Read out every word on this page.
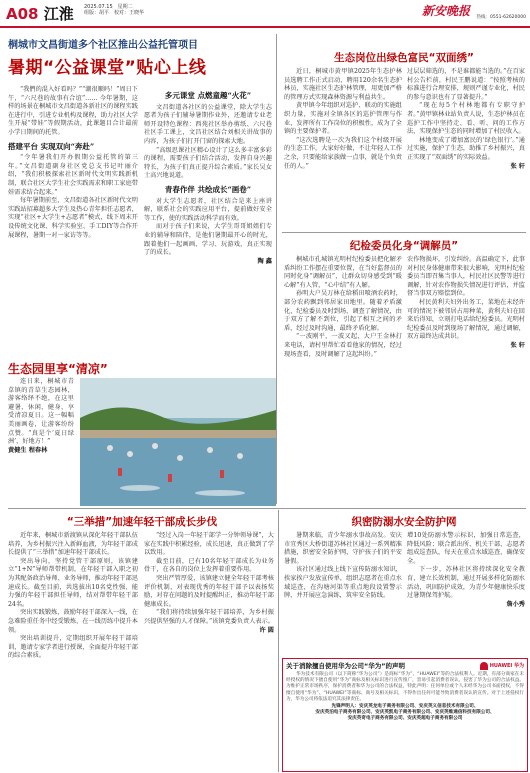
A08 江淮 2025.07.15　星期二
组版：胡平　校对：王晓华	新安晚报 热线：0551-62620000
桐城市文昌街道多个社区推出公益托管项目
暑期“公益课堂”贴心上线
“我們的混入好看吗？”“潮很顺吗！”周日下午，“六尺巷的故事有合谊”…… 今年暑期，这样的场景在桐城市文昌街道各新社区的课程实践在进行中，引进专业机构及课程，助力社区大学生开展“带娃”等假期活动，此课题目合计最前小学日期间的托管。
搭建平台 实现双向“奔赴”
“令年暑我们开办假期公益托管的第三年。”文昌街道副身社区党总支书记叶丽介绍，“我们积极探索社区新时代文明实践新机制，联合社区大学生社会实践需求和职工家庭带娃需求结合起来。”
每年暑期前至，文昌街道各社区新时代文明实践站招募超多大学生及热心青年担任志愿者，实现“社区+大学生+志愿者”模式，线下周末开设传统文化课、科学实验室、手工DIY等合作开展课程，暑期一对一家访等等。
多元课堂 点燃童趣“火花”
文昌街道各社区的公益课堂，除大学生志愿者为孩子们辅导暑期作业外，还邀请专业老师开设特色课程：西苑社区举办剪纸、六尺巷社区手工课上，文昌社区结合刘相关讲故事的内容，为孩子们打开门窗的探索大地。
“高级思课社区精心设计了这么多丰富多彩的课程，需要孩子们结合活动，发挥自身兴趣特长，为孩子们真正提升综合素质。”家长吴女士高兴地说道。
青春作伴 共绘成长“画卷”
对大学生志愿者，社区结合是来上座讲解，联系社会的实践应用平台，提前做好安全等工作，使的实践活动科学而有效。
而对于孩子们来说，大学生哥哥姐姐们专业的辅导和陪伴，是他们暑期最开心的时光，跟着他们一起画画、学习、玩游戏，真正实现了的成长。
陶 鑫
生态岗位出绿色富民“双面绣”
近日，桐城市黄甲镇2025年生态护林员选聘工作正式启动，聘用120余名生态护林员，实施社区生态护林管理，用更加严格的管理方式实现森林资源与利益共生。
黄甲镇今年组织对巡护、联动的实施组织力量，实施对全镇各区的巡护管理与作业，发挥所有工作岗位的积极性，成为了全镇的主要保护者。
“这次选聘是一次为我们这个村级开展的生态工作，大家好好做，不让年轻人工作之余，只要能给家族做一点事，就是个负责任的人。”
过层层筛选的，不是谁都能当选的。”在百家村公告栏前，村民王鹏说道：“按照考核的标准进行合理安排，规则严谨专业化，村民的参与意识也有了显著提升。”
“现在每5个村林地都有专职守护者。”黄甲镇林业站负责人说，生态护林员在巡护工作中坚持走、看、听、问的工作方法，实现保护生态的同时增加了村民收入。
林地变成了增加富民的‘绿色银行’。”通过实施，保护了生态，助推了乡村振兴，真正实现了“双面绣”的实际效益。
张 轩
纪检委员化身“调解员”
桐城市孔城镇光明村纪检委员把化解矛盾纠纷工作摆在重要位置，在当好监督员的同时化身“调解员”，让群众切身感受到“暖心解”有人管，“心中结”有人解。
孙明大户吴万林在给稻田喷酒农药时，部分农药飘到邻居家田地里。随着矛盾激化，纪检委员及时到场，调查了解情况，由于双方了解不到位，引起了相互之间的矛盾，经过及时沟通，最终矛盾化解。
“一波刚平，一波又起，大户王金林打来电话，请村里帮忙看看他家的情况，经过现场查看，及时调解了这起纠纷。”
农作物损坏，引发纠纷。高温确定下，此事对村民身体健康带来很大影响，光明村纪检委员当即召集当事人，村民社区民警等进行调解，针对农作物损失情况进行评估，并监督当事双方赔偿到位。
村民黄利夫妇外出务工，菜地在未经许可的情况下被邻居占用种菜，黄利夫妇在回来后得知，立刻打电话给纪检委员。光明村纪检委员及时到现场了解情况，通过调解，双方最终达成共识。
张 轩
生态园里享“清凉”
连日来，桐城市青草镇的青草生态园林，游客络绎不绝，在这里避暑、休闲、健身，享受清凉夏日。这一幅幅美丽画卷，让游客纷纷点赞。“真是个‘夏日绿洲’，好地方！”
黄健生 程春林
“三举措”加速年轻干部成长步伐
近年来，桐城市新渡镇从深化年轻干部队伍培养，为乡村振兴注入新鲜血液，为年轻干部成长提供了“三举措”加速年轻干部成长。
突出导向，坚持党管干部原则，该镇建立“1+N”导师帮带机制，在年轻干部入职之初为其配备政治导师、业务导师，推动年轻干部迅速成长。截至目前，共选拔出10名党性强、能力强的年轻干部担任导师，结对帮带年轻干部24名。
突出实践锻炼，鼓励年轻干部深入一线，在急难险重任务中经受锻炼，在一线历练中提升本领。
突出培训提升，定期组织开展年轻干部培训，邀请专家学者进行授课，全面提升年轻干部的综合素质。
“经过入岗一年轻干部学一分钟领导课”，大家在实践中积累经验，成长迅速，真正做到了学以致用。
截至目前，已有10名年轻干部成长为业务骨干，在各自的岗位上发挥着重要作用。
突出严管厚爱，该镇建立健全年轻干部考核评价机制，对表现优秀的年轻干部予以表扬奖励，对存在问题的及时提醒纠正，推动年轻干部健康成长。
“我们将持续加强年轻干部培养，为乡村振兴提供坚强的人才保障。”该镇党委负责人表示。
许 圆
织密防溺水安全防护网
暑期来临，青少年溺水事故高发。安庆市宜秀区大桥街道苏林社区通过一系列精准措施，织密安全防护网，守护孩子们的平安暑假。
该社区通过线上线下宣传防溺水知识，挨家挨户发放宣传单，组织志愿者在重点水域巡查，在沟塘河渠等重点地段设置警示牌，并开展应急演练，筑牢安全防线。
增10处防溺水警示标识，加强日常巡查，降低风险；联合派出所、机关干部、志愿者组成巡查队，每天在重点水域巡查，确保安全。
下一步，苏林社区将持续深化安全教育，建立长效机制，通过开展多样化防溺水活动，巩固防护成效，为青少年健康快乐度过暑期保驾护航。
詹小秀
关于消除擅自使用华为公司“华为”的声明	HUAWEI 华为
华为技术有限公司（以下简称“华为公司”）是商标“华为”、“HUAWEI”等的合法权利人。近期，有部分商家在未经授权的情况下擅自使用“华为”商标及相关标识进行宣传推广，容易引起消费者误认，侵害了华为公司的合法权益。为维护正常市场秩序，保护消费者和华为公司的合法权益，特此声明：任何单位或个人未经华为公司书面授权，不得擅自使用“华为”、“HUAWEI”等商标、商号及相关标识，不得作出任何可能导致消费者误认的宣传。对于上述侵权行为，华为公司将依法追究其法律责任。
先锋声明人：安庆英龙电子商务有限公司、安庆英义信息技术有限公司、
安庆英泊电子商务有限公司、安庆英凯电子商务有限公司、安庆英维通信科技有限公司、
安庆英奇电子商务有限公司、安庆英超电子商务有限公司
